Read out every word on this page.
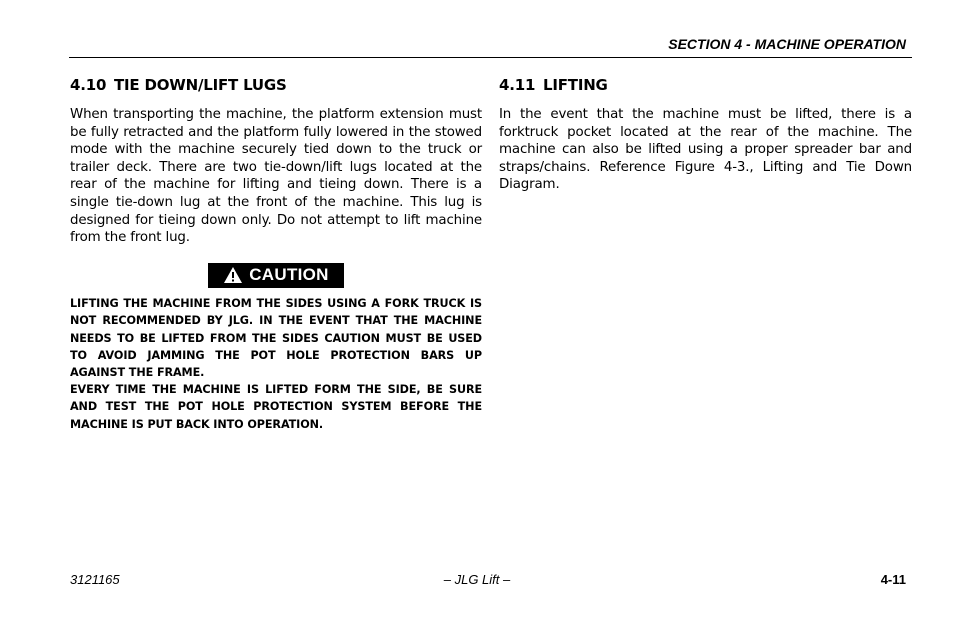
SECTION 4 - MACHINE OPERATION
4.10 TIE DOWN/LIFT LUGS

When transporting the machine, the platform extension must be fully retracted and the platform fully lowered in the stowed mode with the machine securely tied down to the truck or trailer deck. There are two tie-down/lift lugs located at the rear of the machine for lifting and tieing down. There is a single tie-down lug at the front of the machine. This lug is designed for tieing down only. Do not attempt to lift machine from the front lug.

CAUTION

LIFTING THE MACHINE FROM THE SIDES USING A FORK TRUCK IS NOT RECOMMENDED BY JLG. IN THE EVENT THAT THE MACHINE NEEDS TO BE LIFTED FROM THE SIDES CAUTION MUST BE USED TO AVOID JAMMING THE POT HOLE PROTECTION BARS UP AGAINST THE FRAME.

EVERY TIME THE MACHINE IS LIFTED FORM THE SIDE, BE SURE AND TEST THE POT HOLE PROTECTION SYSTEM BEFORE THE MACHINE IS PUT BACK INTO OPERATION.

4.11 LIFTING

In the event that the machine must be lifted, there is a forktruck pocket located at the rear of the machine. The machine can also be lifted using a proper spreader bar and straps/chains. Reference Figure 4-3., Lifting and Tie Down Diagram.

3121165	– JLG Lift –	4-11
